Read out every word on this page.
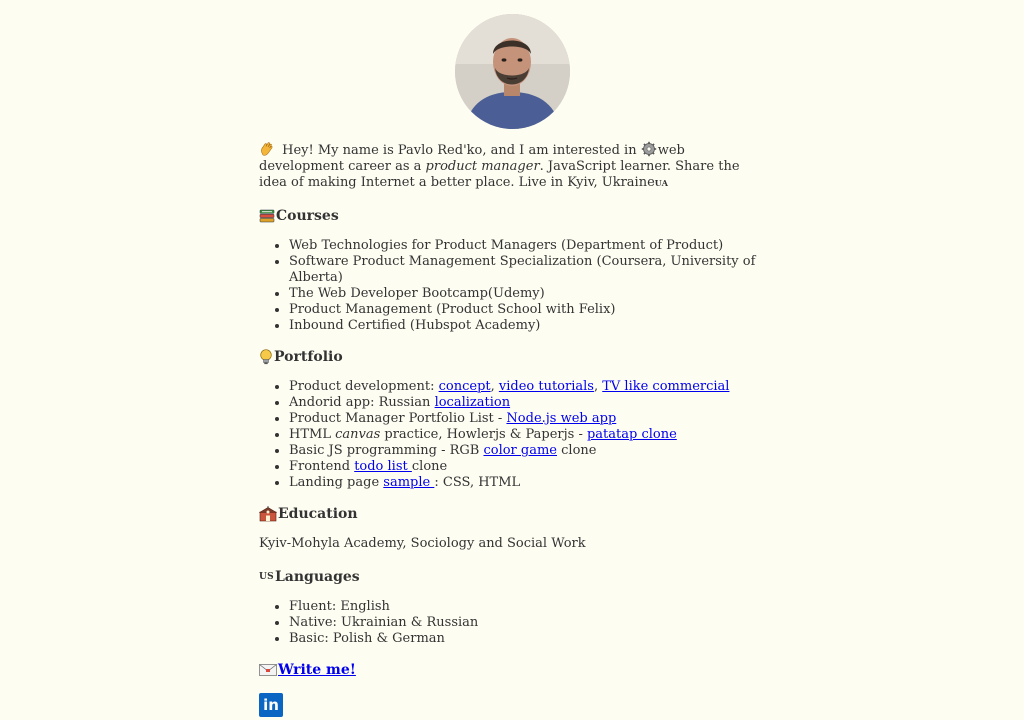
Hey! My name is Pavlo Red'ko, and I am interested in web development career as a product manager. JavaScript learner. Share the idea of making Internet a better place. Live in Kyiv, UkraineUA

Courses
• Web Technologies for Product Managers (Department of Product)
• Software Product Management Specialization (Coursera, University of Alberta)
• The Web Developer Bootcamp(Udemy)
• Product Management (Product School with Felix)
• Inbound Certified (Hubspot Academy)
Portfolio
• Product development: concept, video tutorials, TV like commercial
• Andorid app: Russian localization
• Product Manager Portfolio List - Node.js web app
• HTML canvas practice, Howlerjs & Paperjs - patatap clone
• Basic JS programming - RGB color game clone
• Frontend todo list clone
• Landing page sample : CSS, HTML
Education

Kyiv-Mohyla Academy, Sociology and Social Work

US Languages
• Fluent: English
• Native: Ukrainian & Russian
• Basic: Polish & German
Write me!
in
